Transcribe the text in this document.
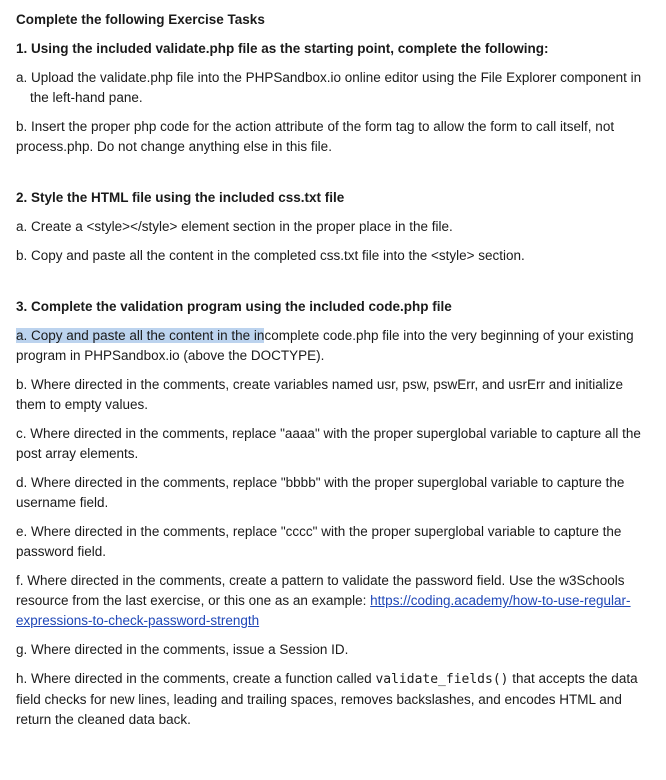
Complete the following Exercise Tasks
1. Using the included validate.php file as the starting point, complete the following:
a. Upload the validate.php file into the PHPSandbox.io online editor using the File Explorer component in the left-hand pane.
b. Insert the proper php code for the action attribute of the form tag to allow the form to call itself, not process.php. Do not change anything else in this file.
2. Style the HTML file using the included css.txt file
a. Create a <style></style> element section in the proper place in the file.
b. Copy and paste all the content in the completed css.txt file into the <style> section.
3. Complete the validation program using the included code.php file
a. Copy and paste all the content in the incomplete code.php file into the very beginning of your existing program in PHPSandbox.io (above the DOCTYPE).
b. Where directed in the comments, create variables named usr, psw, pswErr, and usrErr and initialize them to empty values.
c. Where directed in the comments, replace "aaaa" with the proper superglobal variable to capture all the post array elements.
d. Where directed in the comments, replace "bbbb" with the proper superglobal variable to capture the username field.
e. Where directed in the comments, replace "cccc" with the proper superglobal variable to capture the password field.
f. Where directed in the comments, create a pattern to validate the password field. Use the w3Schools resource from the last exercise, or this one as an example: https://coding.academy/how-to-use-regular-expressions-to-check-password-strength
g. Where directed in the comments, issue a Session ID.
h. Where directed in the comments, create a function called validate_fields() that accepts the data field checks for new lines, leading and trailing spaces, removes backslashes, and encodes HTML and return the cleaned data back.
